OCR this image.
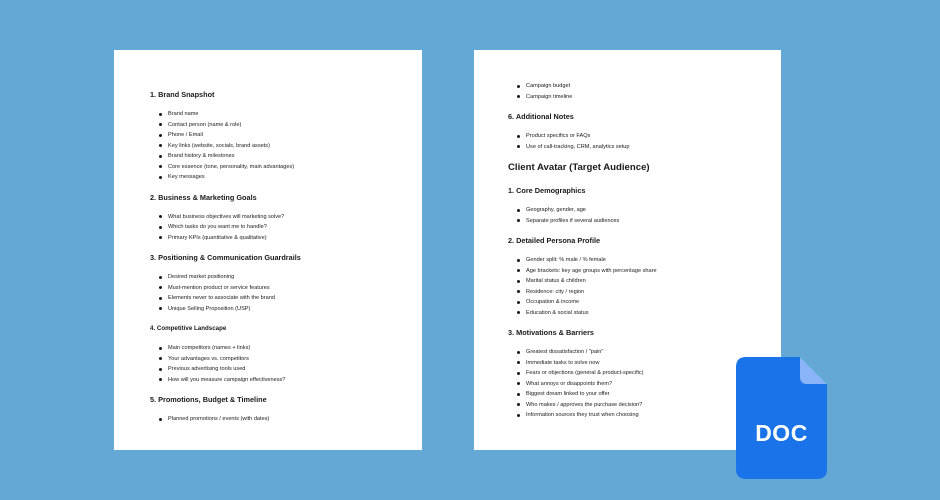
1. Brand Snapshot
Brand name
Contact person (name & role)
Phone / Email
Key links (website, socials, brand assets)
Brand history & milestones
Core essence (tone, personality, main advantages)
Key messages
2. Business & Marketing Goals
What business objectives will marketing solve?
Which tasks do you want me to handle?
Primary KPIs (quantitative & qualitative)
3. Positioning & Communication Guardrails
Desired market positioning
Must-mention product or service features
Elements never to associate with the brand
Unique Selling Proposition (USP)
4. Competitive Landscape
Main competitors (names + links)
Your advantages vs. competitors
Previous advertising tools used
How will you measure campaign effectiveness?
5. Promotions, Budget & Timeline
Planned promotions / events (with dates)
Campaign budget
Campaign timeline
6. Additional Notes
Product specifics or FAQs
Use of call-tracking, CRM, analytics setup
Client Avatar (Target Audience)
1. Core Demographics
Geography, gender, age
Separate profiles if several audiences
2. Detailed Persona Profile
Gender split: % male / % female
Age brackets: key age groups with percentage share
Marital status & children
Residence: city / region
Occupation & income
Education & social status
3. Motivations & Barriers
Greatest dissatisfaction / "pain"
Immediate tasks to solve now
Fears or objections (general & product-specific)
What annoys or disappoints them?
Biggest dream linked to your offer
Who makes / approves the purchase decision?
Information sources they trust when choosing
DOC
